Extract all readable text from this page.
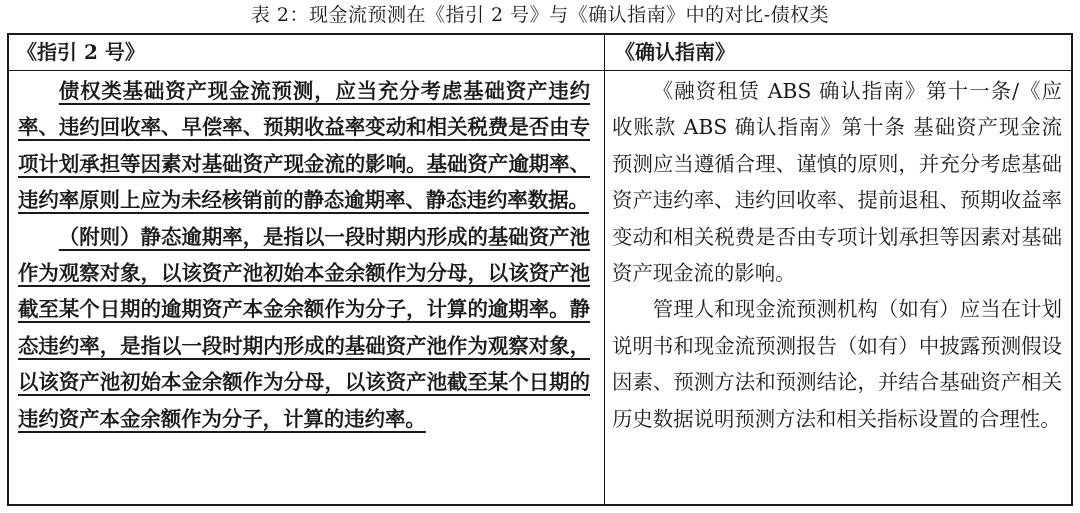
表 2：现金流预测在《指引 2 号》与《确认指南》中的对比-债权类
《指引 2 号》	《确认指南》

债权类基础资产现金流预测，应当充分考虑基础资产违约率、违约回收率、早偿率、预期收益率变动和相关税费是否由专项计划承担等因素对基础资产现金流的影响。基础资产逾期率、违约率原则上应为未经核销前的静态逾期率、静态违约率数据。

（附则）静态逾期率，是指以一段时期内形成的基础资产池作为观察对象，以该资产池初始本金余额作为分母，以该资产池截至某个日期的逾期资产本金余额作为分子，计算的逾期率。静态违约率，是指以一段时期内形成的基础资产池作为观察对象，以该资产池初始本金余额作为分母，以该资产池截至某个日期的违约资产本金余额作为分子，计算的违约率。

《融资租赁 ABS 确认指南》第十一条/《应收账款 ABS 确认指南》第十条 基础资产现金流预测应当遵循合理、谨慎的原则，并充分考虑基础资产违约率、违约回收率、提前退租、预期收益率变动和相关税费是否由专项计划承担等因素对基础资产现金流的影响。

管理人和现金流预测机构（如有）应当在计划说明书和现金流预测报告（如有）中披露预测假设因素、预测方法和预测结论，并结合基础资产相关历史数据说明预测方法和相关指标设置的合理性。
